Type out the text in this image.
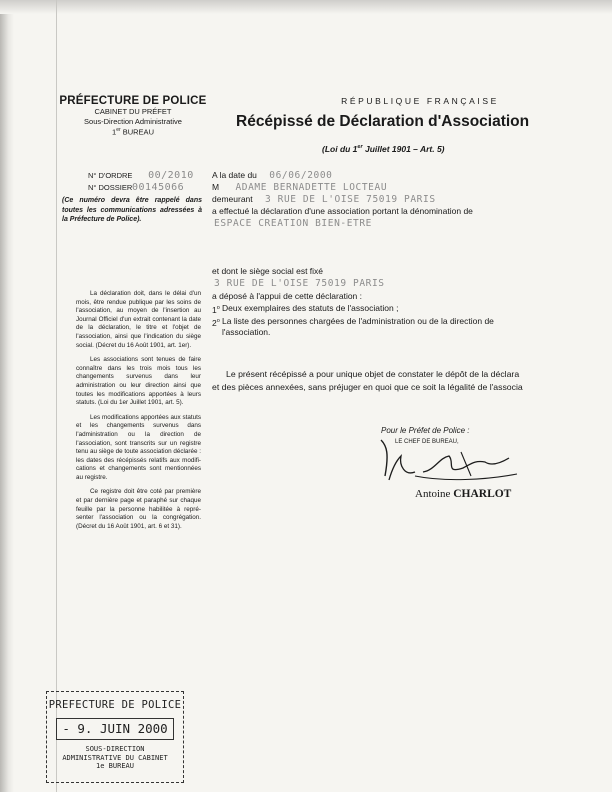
PRÉFECTURE DE POLICE
CABINET DU PRÉFET
Sous-Direction Administrative
1er BUREAU
N° D'ORDRE 00/2010
N° DOSSIER00145066
(Ce numéro devra être rappelé dans toutes les communications adressées à la Préfecture de Police).

La déclaration doit, dans le délai d'un mois, être rendue publique par les soins de l'association, au moyen de l'insertion au Journal Officiel d'un extrait contenant la date de la déclaration, le titre et l'objet de l'association, ainsi que l'indication du siège social. (Décret du 16 Août 1901, art. 1er).

Les associations sont tenues de faire connaître dans les trois mois tous les changements survenus dans leur administration ou leur direction ainsi que toutes les modifications apportées à leurs statuts. (Loi du 1er Juillet 1901, art. 5).

Les modifications apportées aux statuts et les changements survenus dans l'administration ou la direction de l'association, sont transcrits sur un registre tenu au siège de toute association déclarée : les dates des récépissés relatifs aux modifications et changements sont mentionnées au registre.

Ce registre doit être coté par première et par dernière page et paraphé sur chaque feuille par la personne habilitée à représenter l'association ou la congrégation. (Décret du 16 Août 1901, art. 6 et 31).

RÉPUBLIQUE FRANÇAISE
Récépissé de Déclaration d'Association
(Loi du 1er Juillet 1901 – Art. 5)
A la date du 06/06/2000
M ADAME BERNADETTE LOCTEAU
demeurant 3 RUE DE L'OISE 75019 PARIS
a effectué la déclaration d'une association portant la dénomination de
ESPACE CREATION BIEN-ETRE
et dont le siège social est fixé
3 RUE DE L'OISE 75019 PARIS
a déposé à l'appui de cette déclaration :
1$^o$ Deux exemplaires des statuts de l'association ;
2$^o$ La liste des personnes chargées de l'administration ou de la direction de
l'association.
Le présent récépissé a pour unique objet de constater le dépôt de la déclara
et des pièces annexées, sans préjuger en quoi que ce soit la légalité de l'associa
Pour le Préfet de Police :
LE CHEF DE BUREAU,
Antoine CHARLOT
PREFECTURE DE POLICE
- 9. JUIN 2000
SOUS-DIRECTION
ADMINISTRATIVE DU CABINET
1e BUREAU
